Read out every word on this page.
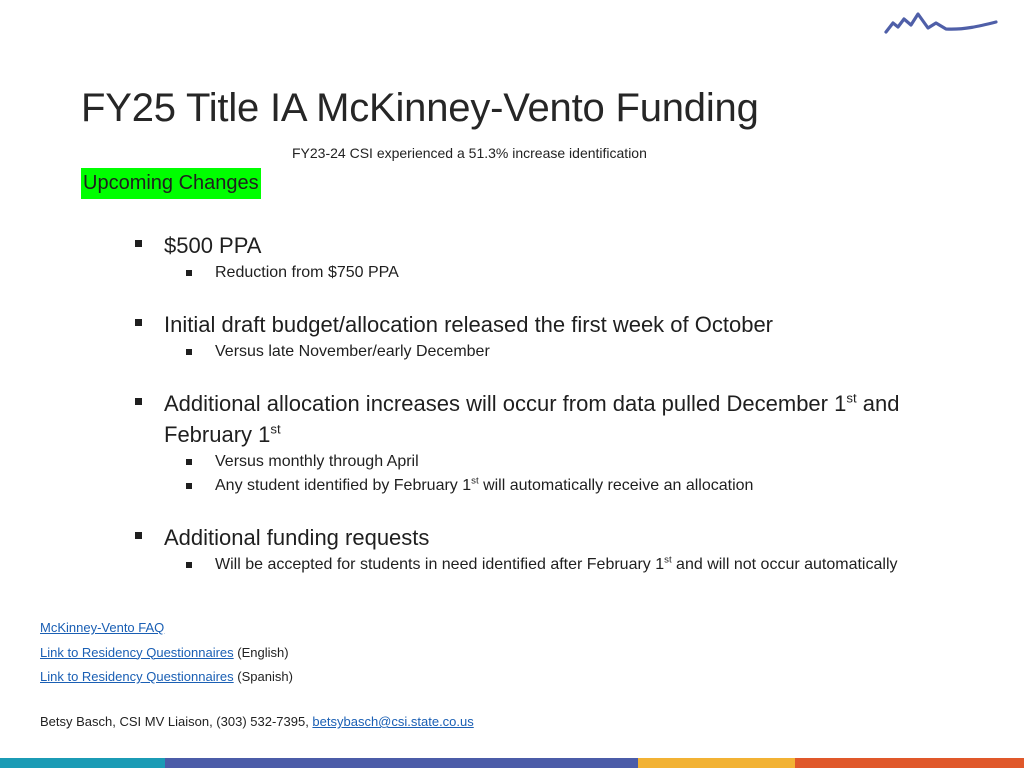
FY25 Title IA McKinney-Vento Funding
FY23-24 CSI experienced a 51.3% increase identification
Upcoming Changes
$500 PPA
Reduction from $750 PPA
Initial draft budget/allocation released the first week of October
Versus late November/early December
Additional allocation increases will occur from data pulled December 1st and February 1st
Versus monthly through April
Any student identified by February 1st will automatically receive an allocation
Additional funding requests
Will be accepted for students in need identified after February 1st and will not occur automatically
McKinney-Vento FAQ
Link to Residency Questionnaires (English)
Link to Residency Questionnaires (Spanish)
Betsy Basch, CSI MV Liaison, (303) 532-7395, betsybasch@csi.state.co.us
